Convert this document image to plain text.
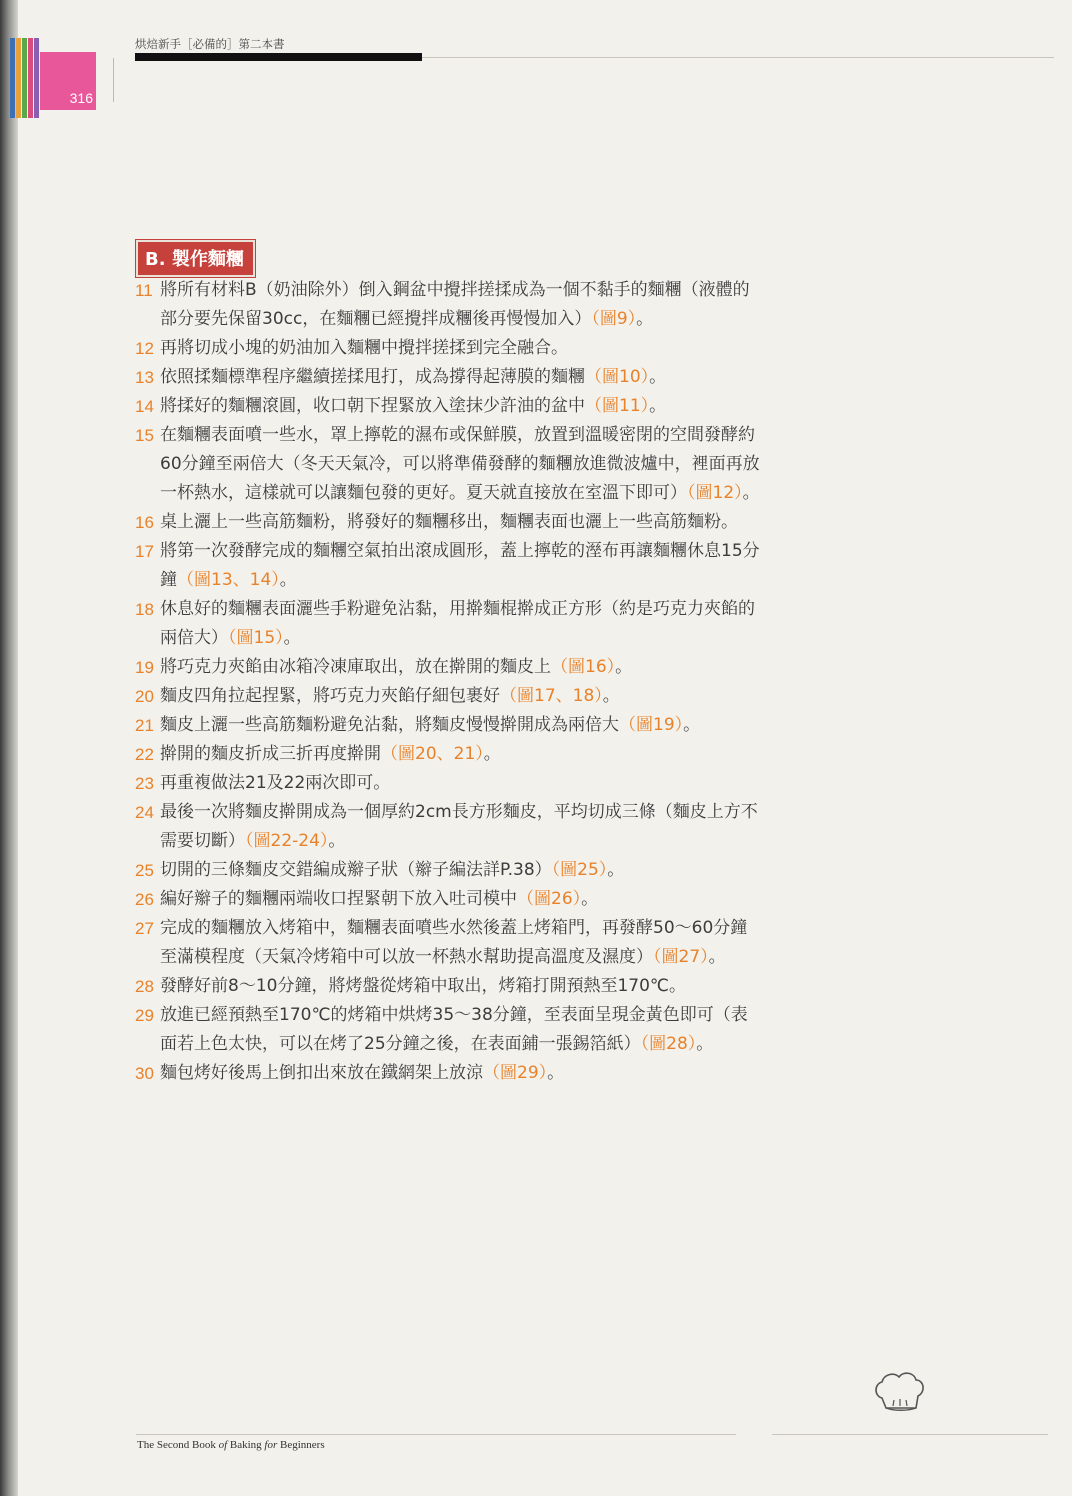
316
烘焙新手［必備的］第二本書
B. 製作麵糰
11 將所有材料B（奶油除外）倒入鋼盆中攪拌搓揉成為一個不黏手的麵糰（液體的部分要先保留30cc，在麵糰已經攪拌成糰後再慢慢加入）（圖9）。
12 再將切成小塊的奶油加入麵糰中攪拌搓揉到完全融合。
13 依照揉麵標準程序繼續搓揉甩打，成為撐得起薄膜的麵糰（圖10）。
14 將揉好的麵糰滾圓，收口朝下捏緊放入塗抹少許油的盆中（圖11）。
15 在麵糰表面噴一些水，罩上擰乾的濕布或保鮮膜，放置到溫暖密閉的空間發酵約60分鐘至兩倍大（冬天天氣冷，可以將準備發酵的麵糰放進微波爐中，裡面再放一杯熱水，這樣就可以讓麵包發的更好。夏天就直接放在室溫下即可）（圖12）。
16 桌上灑上一些高筋麵粉，將發好的麵糰移出，麵糰表面也灑上一些高筋麵粉。
17 將第一次發酵完成的麵糰空氣拍出滾成圓形，蓋上擰乾的溼布再讓麵糰休息15分鐘（圖13、14）。
18 休息好的麵糰表面灑些手粉避免沾黏，用擀麵棍擀成正方形（約是巧克力夾餡的兩倍大）（圖15）。
19 將巧克力夾餡由冰箱冷凍庫取出，放在擀開的麵皮上（圖16）。
20 麵皮四角拉起捏緊，將巧克力夾餡仔細包裹好（圖17、18）。
21 麵皮上灑一些高筋麵粉避免沾黏，將麵皮慢慢擀開成為兩倍大（圖19）。
22 擀開的麵皮折成三折再度擀開（圖20、21）。
23 再重複做法21及22兩次即可。
24 最後一次將麵皮擀開成為一個厚約2cm長方形麵皮，平均切成三條（麵皮上方不需要切斷）（圖22-24）。
25 切開的三條麵皮交錯編成辮子狀（辮子編法詳P.38）（圖25）。
26 編好辮子的麵糰兩端收口捏緊朝下放入吐司模中（圖26）。
27 完成的麵糰放入烤箱中，麵糰表面噴些水然後蓋上烤箱門，再發酵50～60分鐘至滿模程度（天氣冷烤箱中可以放一杯熱水幫助提高溫度及濕度）（圖27）。
28 發酵好前8～10分鐘，將烤盤從烤箱中取出，烤箱打開預熱至170℃。
29 放進已經預熱至170℃的烤箱中烘烤35～38分鐘，至表面呈現金黃色即可（表面若上色太快，可以在烤了25分鐘之後，在表面鋪一張錫箔紙）（圖28）。
30 麵包烤好後馬上倒扣出來放在鐵網架上放涼（圖29）。
The Second Book of Baking for Beginners
